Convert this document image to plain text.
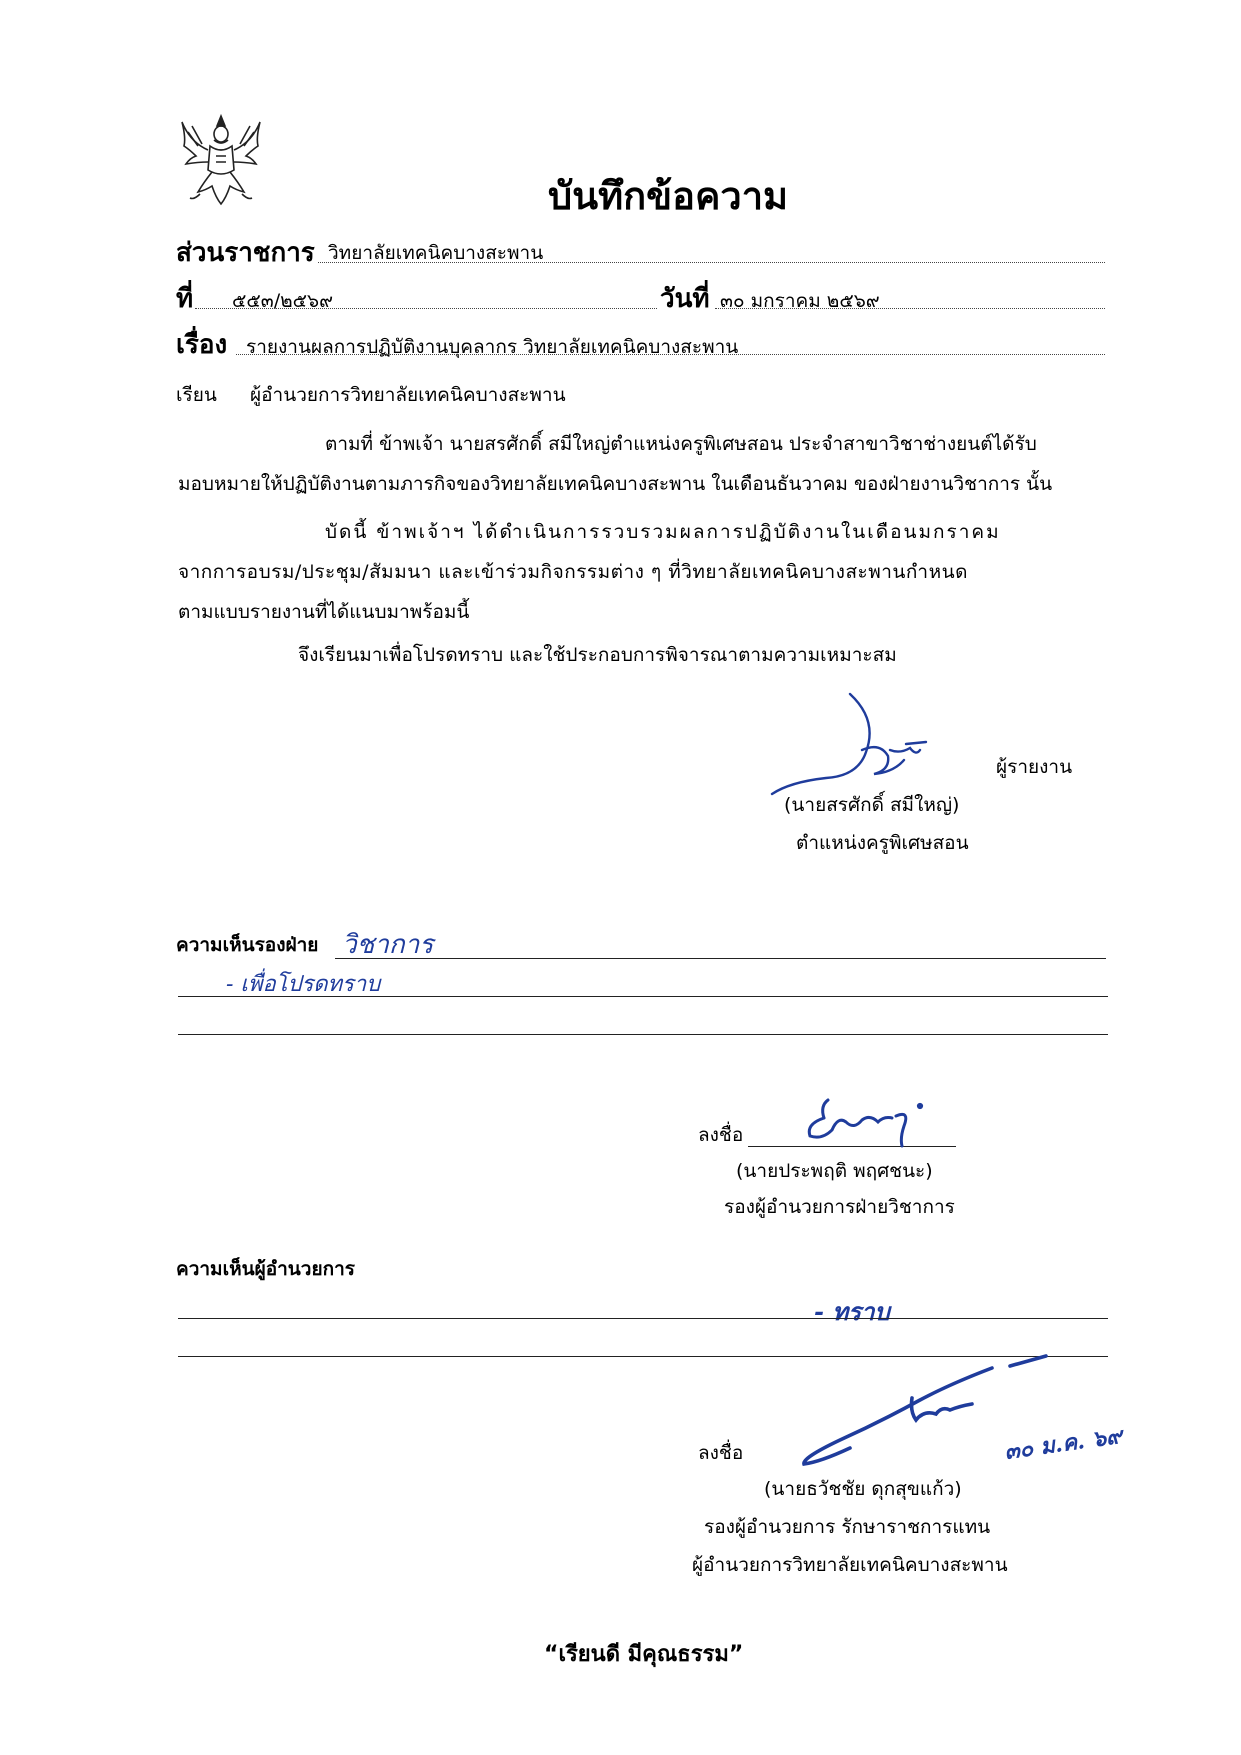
บันทึกข้อความ
ส่วนราชการ วิทยาลัยเทคนิคบางสะพาน
ที่ ๕๕๓/๒๕๖๙	วันที่ ๓๐ มกราคม ๒๕๖๙
เรื่อง รายงานผลการปฏิบัติงานบุคลากร วิทยาลัยเทคนิคบางสะพาน
เรียน ผู้อำนวยการวิทยาลัยเทคนิคบางสะพาน
ตามที่ ข้าพเจ้า นายสรศักดิ์ สมีใหญ่ตำแหน่งครูพิเศษสอน ประจำสาขาวิชาช่างยนต์ได้รับ
มอบหมายให้ปฏิบัติงานตามภารกิจของวิทยาลัยเทคนิคบางสะพาน ในเดือนธันวาคม ของฝ่ายงานวิชาการ นั้น
บัดนี้ ข้าพเจ้าฯ ได้ดำเนินการรวบรวมผลการปฏิบัติงานในเดือนมกราคม
จากการอบรม/ประชุม/สัมมนา และเข้าร่วมกิจกรรมต่าง ๆ ที่วิทยาลัยเทคนิคบางสะพานกำหนด
ตามแบบรายงานที่ได้แนบมาพร้อมนี้
จึงเรียนมาเพื่อโปรดทราบ และใช้ประกอบการพิจารณาตามความเหมาะสม
ผู้รายงาน
(นายสรศักดิ์ สมีใหญ่)
ตำแหน่งครูพิเศษสอน
ความเห็นรองฝ่าย วิชาการ
- เพื่อโปรดทราบ
ลงชื่อ
(นายประพฤติ พฤศชนะ)
รองผู้อำนวยการฝ่ายวิชาการ
ความเห็นผู้อำนวยการ
- ทราบ
ลงชื่อ	๓๐ ม.ค. ๖๙
(นายธวัชชัย ดุกสุขแก้ว)
รองผู้อำนวยการ รักษาราชการแทน
ผู้อำนวยการวิทยาลัยเทคนิคบางสะพาน
“เรียนดี มีคุณธรรม”
